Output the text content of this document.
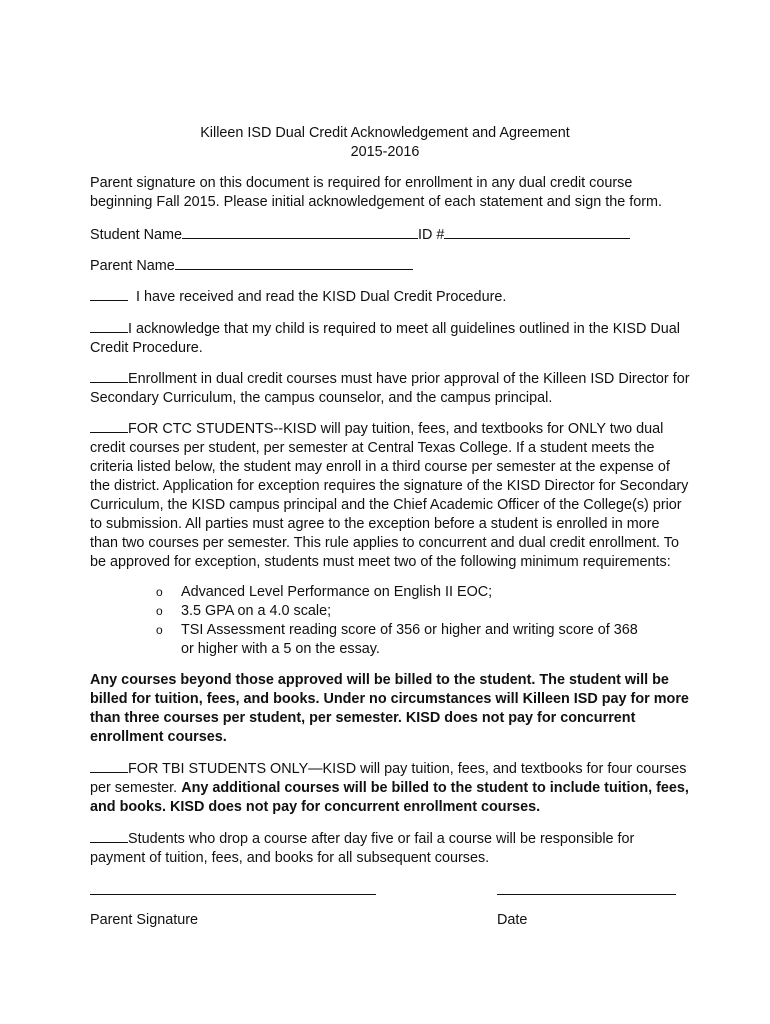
Killeen ISD Dual Credit Acknowledgement and Agreement
2015-2016

Parent signature on this document is required for enrollment in any dual credit course beginning Fall 2015. Please initial acknowledgement of each statement and sign the form.

Student Name	ID #
Parent Name
I have received and read the KISD Dual Credit Procedure.
I acknowledge that my child is required to meet all guidelines outlined in the KISD Dual Credit Procedure.
Enrollment in dual credit courses must have prior approval of the Killeen ISD Director for Secondary Curriculum, the campus counselor, and the campus principal.
FOR CTC STUDENTS--KISD will pay tuition, fees, and textbooks for ONLY two dual credit courses per student, per semester at Central Texas College. If a student meets the criteria listed below, the student may enroll in a third course per semester at the expense of the district. Application for exception requires the signature of the KISD Director for Secondary Curriculum, the KISD campus principal and the Chief Academic Officer of the College(s) prior to submission. All parties must agree to the exception before a student is enrolled in more than two courses per semester. This rule applies to concurrent and dual credit enrollment. To be approved for exception, students must meet two of the following minimum requirements:
o Advanced Level Performance on English II EOC;
o 3.5 GPA on a 4.0 scale;
o TSI Assessment reading score of 356 or higher and writing score of 368 or higher with a 5 on the essay.

Any courses beyond those approved will be billed to the student. The student will be billed for tuition, fees, and books. Under no circumstances will Killeen ISD pay for more than three courses per student, per semester. KISD does not pay for concurrent enrollment courses.

FOR TBI STUDENTS ONLY—KISD will pay tuition, fees, and textbooks for four courses per semester. Any additional courses will be billed to the student to include tuition, fees, and books. KISD does not pay for concurrent enrollment courses.
Students who drop a course after day five or fail a course will be responsible for payment of tuition, fees, and books for all subsequent courses.
Parent Signature	Date
